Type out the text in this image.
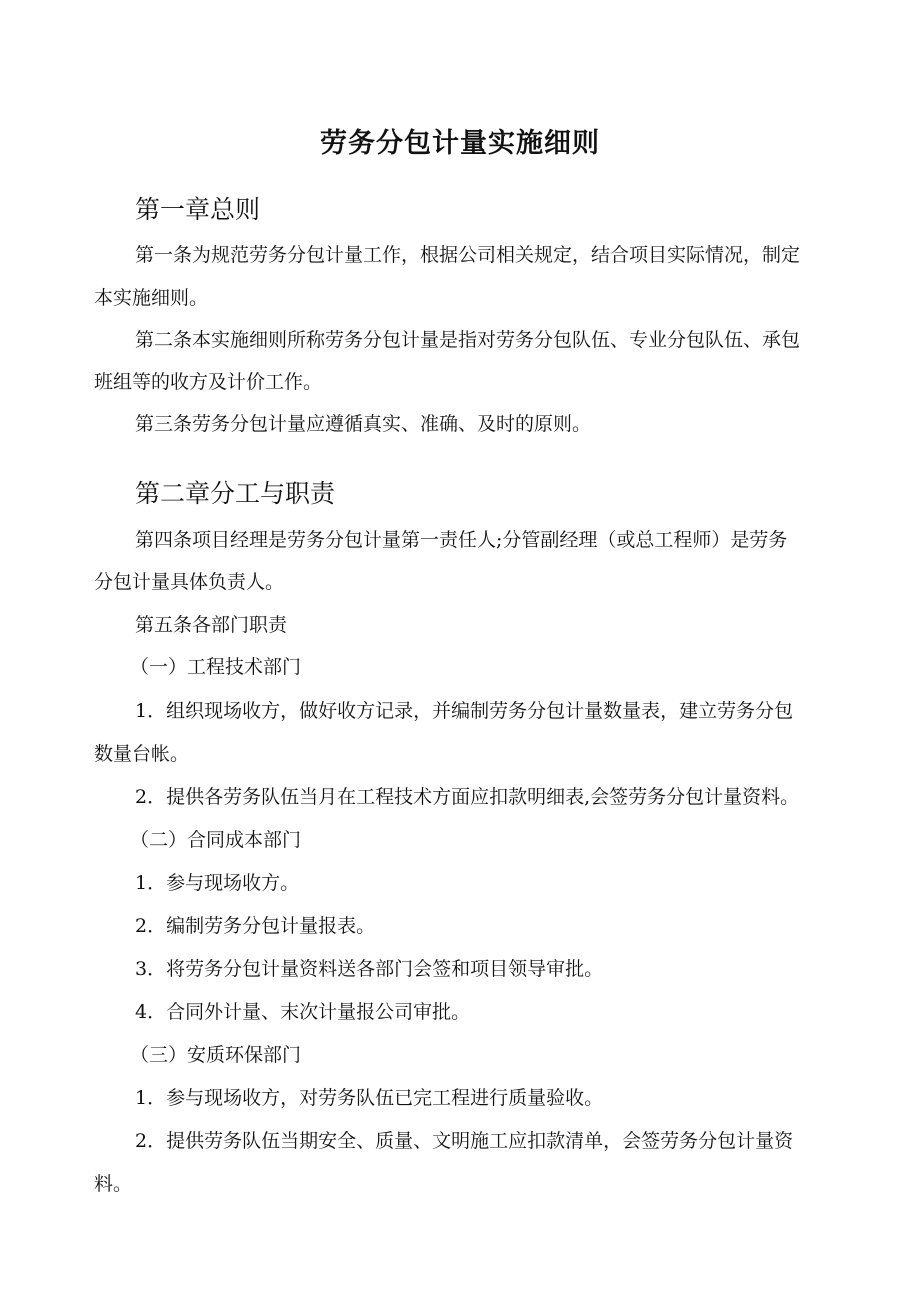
劳务分包计量实施细则
第一章总则
第一条为规范劳务分包计量工作，根据公司相关规定，结合项目实际情况，制定
本实施细则。
第二条本实施细则所称劳务分包计量是指对劳务分包队伍、专业分包队伍、承包
班组等的收方及计价工作。
第三条劳务分包计量应遵循真实、准确、及时的原则。
第二章分工与职责
第四条项目经理是劳务分包计量第一责任人;分管副经理（或总工程师）是劳务
分包计量具体负责人。
第五条各部门职责
（一）工程技术部门
1．组织现场收方，做好收方记录，并编制劳务分包计量数量表，建立劳务分包
数量台帐。
2．提供各劳务队伍当月在工程技术方面应扣款明细表,会签劳务分包计量资料。
（二）合同成本部门
1．参与现场收方。
2．编制劳务分包计量报表。
3．将劳务分包计量资料送各部门会签和项目领导审批。
4．合同外计量、末次计量报公司审批。
（三）安质环保部门
1．参与现场收方，对劳务队伍已完工程进行质量验收。
2．提供劳务队伍当期安全、质量、文明施工应扣款清单，会签劳务分包计量资
料。
